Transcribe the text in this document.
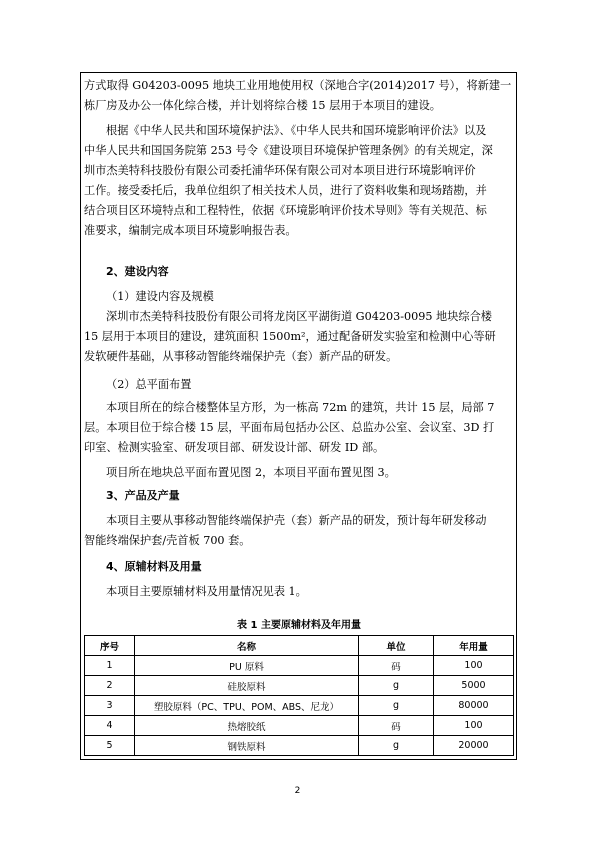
方式取得 G04203-0095 地块工业用地使用权（深地合字(2014)2017 号），将新建一
栋厂房及办公一体化综合楼，并计划将综合楼 15 层用于本项目的建设。
根据《中华人民共和国环境保护法》、《中华人民共和国环境影响评价法》以及
中华人民共和国国务院第 253 号令《建设项目环境保护管理条例》的有关规定，深
圳市杰美特科技股份有限公司委托浦华环保有限公司对本项目进行环境影响评价
工作。接受委托后，我单位组织了相关技术人员，进行了资料收集和现场踏勘，并
结合项目区环境特点和工程特性，依据《环境影响评价技术导则》等有关规范、标
准要求，编制完成本项目环境影响报告表。
2、建设内容
（1）建设内容及规模
深圳市杰美特科技股份有限公司将龙岗区平湖街道 G04203-0095 地块综合楼
15 层用于本项目的建设，建筑面积 1500m²，通过配备研发实验室和检测中心等研
发软硬件基础，从事移动智能终端保护壳（套）新产品的研发。
（2）总平面布置
本项目所在的综合楼整体呈方形，为一栋高 72m 的建筑，共计 15 层，局部 7
层。本项目位于综合楼 15 层，平面布局包括办公区、总监办公室、会议室、3D 打
印室、检测实验室、研发项目部、研发设计部、研发 ID 部。
项目所在地块总平面布置见图 2，本项目平面布置见图 3。
3、产品及产量
本项目主要从事移动智能终端保护壳（套）新产品的研发，预计每年研发移动
智能终端保护套/壳首板 700 套。
4、原辅材料及用量
本项目主要原辅材料及用量情况见表 1。
表 1 主要原辅材料及年用量
序号	名称	单位	年用量
1	PU 原料	码	100
2	硅胶原料	g	5000
3	塑胶原料（PC、TPU、POM、ABS、尼龙）	g	80000
4	热熔胶纸	码	100
5	钢铁原料	g	20000
2
